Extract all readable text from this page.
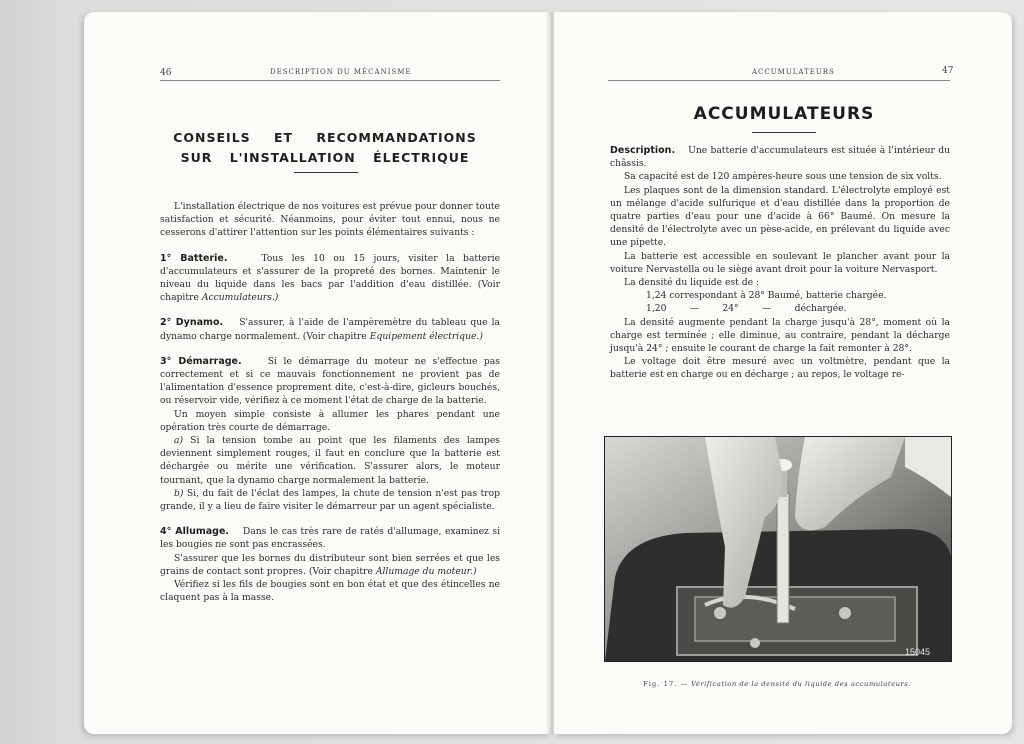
46	DESCRIPTION DU MÉCANISME
CONSEILS ET RECOMMANDATIONS
SUR L'INSTALLATION ÉLECTRIQUE

L'installation électrique de nos voitures est prévue pour donner toute satisfaction et sécurité. Néanmoins, pour éviter tout ennui, nous ne cesserons d'attirer l'attention sur les points élémentaires suivants :

1° Batterie.	Tous les 10 ou 15 jours, visiter la batterie d'accumulateurs et s'assurer de la propreté des bornes. Maintenir le niveau du liquide dans les bacs par l'addition d'eau distillée. (Voir chapitre Accumulateurs.)

2° Dynamo. S'assurer, à l'aide de l'ampèremètre du tableau que la dynamo charge normalement. (Voir chapitre Equipement électrique.)

3° Démarrage.	Si le démarrage du moteur ne s'effectue pas correctement et si ce mauvais fonctionnement ne provient pas de l'alimentation d'essence proprement dite, c'est-à-dire, gicleurs bouchés, ou réservoir vide, vérifiez à ce moment l'état de charge de la batterie.

Un moyen simple consiste à allumer les phares pendant une opération très courte de démarrage.

a) Si la tension tombe au point que les filaments des lampes deviennent simplement rouges, il faut en conclure que la batterie est déchargée ou mérite une vérification. S'assurer alors, le moteur tournant, que la dynamo charge normalement la batterie.

b) Si, du fait de l'éclat des lampes, la chute de tension n'est pas trop grande, il y a lieu de faire visiter le démarreur par un agent spécialiste.

4° Allumage. Dans le cas très rare de ratés d'allumage, examinez si les bougies ne sont pas encrassées.

S'assurer que les bornes du distributeur sont bien serrées et que les grains de contact sont propres. (Voir chapitre Allumage du moteur.)

Vérifiez si les fils de bougies sont en bon état et que des étincelles ne claquent pas à la masse.

ACCUMULATEURS	47
ACCUMULATEURS

Description. Une batterie d'accumulateurs est située à l'intérieur du châssis.

Sa capacité est de 120 ampères-heure sous une tension de six volts.

Les plaques sont de la dimension standard. L'électrolyte employé est un mélange d'acide sulfurique et d'eau distillée dans la proportion de quatre parties d'eau pour une d'acide à 66° Baumé. On mesure la densité de l'électrolyte avec un pèse-acide, en prélevant du liquide avec une pipette.

La batterie est accessible en soulevant le plancher avant pour la voiture Nervastella ou le siège avant droit pour la voiture Nervasport.

La densité du liquide est de :

1,24 correspondant à 28° Baumé, batterie chargée.

1,20        —        24°        —        déchargée.

La densité augmente pendant la charge jusqu'à 28°, moment où la charge est terminée ; elle diminue, au contraire, pendant la décharge jusqu'à 24° ; ensuite le courant de charge la fait remonter à 28°.

Le voltage doit être mesuré avec un voltmètre, pendant que la batterie est en charge ou en décharge ; au repos, le voltage re-

15045
Fig. 17. — Vérification de la densité du liquide des accumulateurs.
